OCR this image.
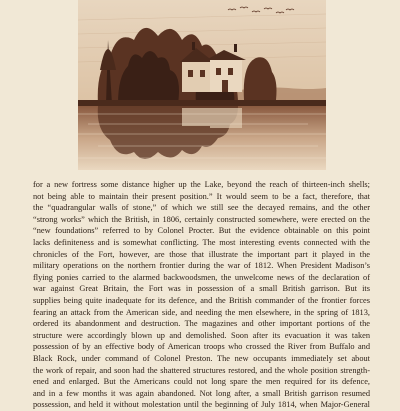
for a new fortress some distance higher up the Lake, beyond the reach of thirteen-inch shells;
not being able to maintain their present position.” It would seem to be a fact, therefore, that
the “quadrangular walls of stone,” of which we still see the decayed remains, and the other
“strong works” which the British, in 1806, certainly constructed somewhere, were erected on the
“new foundations” referred to by Colonel Procter. But the evidence obtainable on this point
lacks definiteness and is somewhat conflicting. The most interesting events connected with the
chronicles of the Fort, however, are those that illustrate the important part it played in the
military operations on the northern frontier during the war of 1812. When President Madison’s
flying ponies carried to the alarmed backwoodsmen, the unwelcome news of the declaration of
war against Great Britain, the Fort was in possession of a small British garrison. But its
supplies being quite inadequate for its defence, and the British commander of the frontier forces
fearing an attack from the American side, and needing the men elsewhere, in the spring of 1813,
ordered its abandonment and destruction. The magazines and other important portions of the
structure were accordingly blown up and demolished. Soon after its evacuation it was taken
possession of by an effective body of American troops who crossed the River from Buffalo and
Black Rock, under command of Colonel Preston. The new occupants immediately set about
the work of repair, and soon had the shattered structures restored, and the whole position strength-
ened and enlarged. But the Americans could not long spare the men required for its defence,
and in a few months it was again abandoned. Not long after, a small British garrison resumed
possession, and held it without molestation until the beginning of July 1814, when Major-General
